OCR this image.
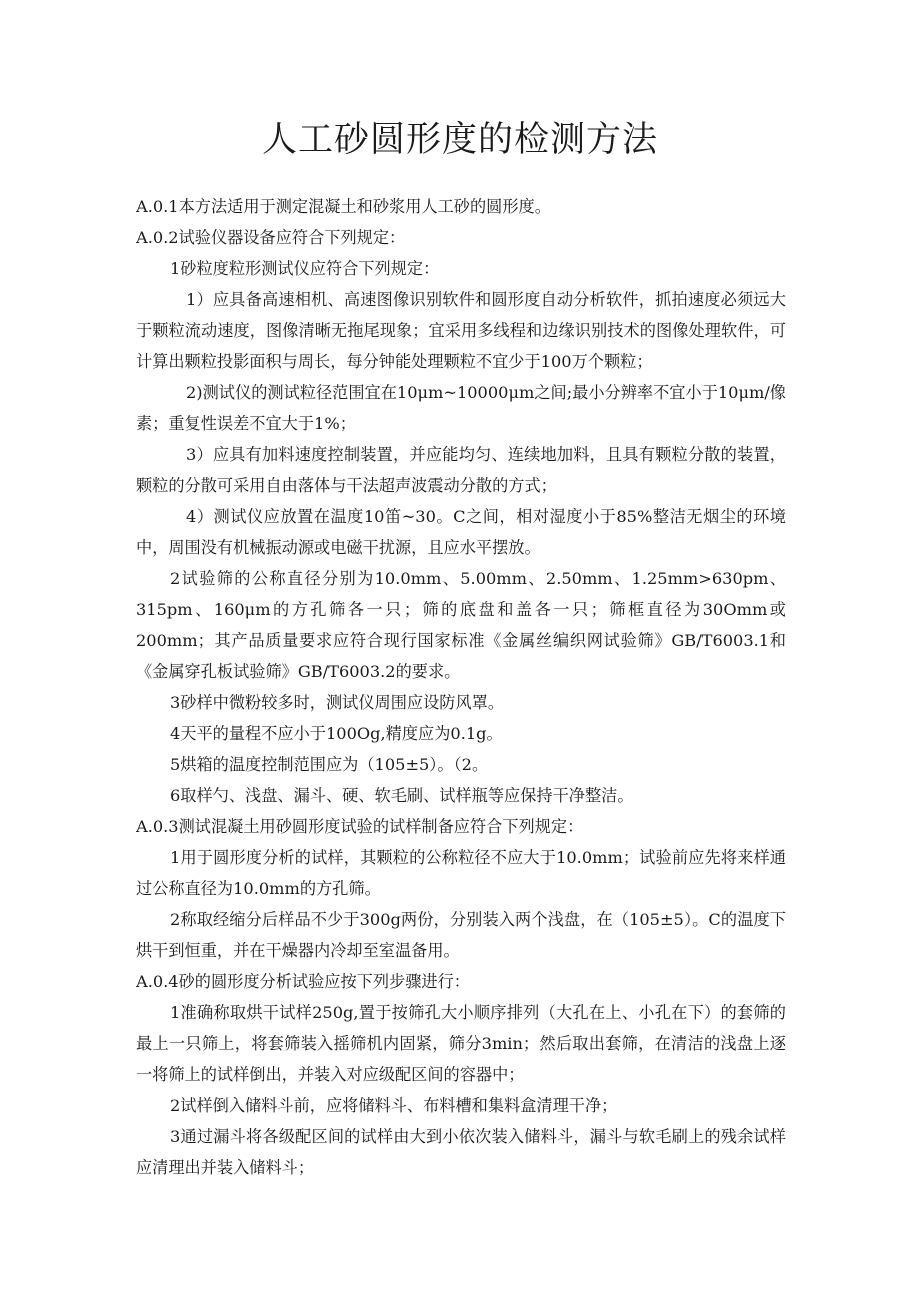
人工砂圆形度的检测方法

A.0.1本方法适用于测定混凝土和砂浆用人工砂的圆形度。

A.0.2试验仪器设备应符合下列规定：

1砂粒度粒形测试仪应符合下列规定：

1）应具备高速相机、高速图像识别软件和圆形度自动分析软件，抓拍速度必须远大于颗粒流动速度，图像清晰无拖尾现象；宜采用多线程和边缘识别技术的图像处理软件，可计算出颗粒投影面积与周长，每分钟能处理颗粒不宜少于100万个颗粒；

2)测试仪的测试粒径范围宜在10μm~10000μm之间;最小分辨率不宜小于10μm∕像素；重复性误差不宜大于1%；

3）应具有加料速度控制装置，并应能均匀、连续地加料，且具有颗粒分散的装置，颗粒的分散可采用自由落体与干法超声波震动分散的方式；

4）测试仪应放置在温度10笛~30。C之间，相对湿度小于85%整洁无烟尘的环境中，周围没有机械振动源或电磁干扰源，且应水平摆放。

2试验筛的公称直径分别为10.0mm、5.00mm、2.50mm、1.25mm>630pm、315pm、160μm的方孔筛各一只；筛的底盘和盖各一只；筛框直径为30Omm或200mm；其产品质量要求应符合现行国家标准《金属丝编织网试验筛》GB/T6003.1和《金属穿孔板试验筛》GB/T6003.2的要求。

3砂样中微粉较多时，测试仪周围应设防风罩。

4天平的量程不应小于100Og,精度应为0.1g。

5烘箱的温度控制范围应为（105±5）。（2。

6取样勺、浅盘、漏斗、硬、软毛刷、试样瓶等应保持干净整洁。

A.0.3测试混凝土用砂圆形度试验的试样制备应符合下列规定：

1用于圆形度分析的试样，其颗粒的公称粒径不应大于10.0mm；试验前应先将来样通过公称直径为10.0mm的方孔筛。

2称取经缩分后样品不少于300g两份，分别装入两个浅盘，在（105±5）。C的温度下烘干到恒重，并在干燥器内冷却至室温备用。

A.0.4砂的圆形度分析试验应按下列步骤进行：

1准确称取烘干试样250g,置于按筛孔大小顺序排列（大孔在上、小孔在下）的套筛的最上一只筛上，将套筛装入摇筛机内固紧，筛分3min；然后取出套筛，在清洁的浅盘上逐一将筛上的试样倒出，并装入对应级配区间的容器中；

2试样倒入储料斗前，应将储料斗、布料槽和集料盒清理干净；

3通过漏斗将各级配区间的试样由大到小依次装入储料斗，漏斗与软毛刷上的残余试样应清理出并装入储料斗；
